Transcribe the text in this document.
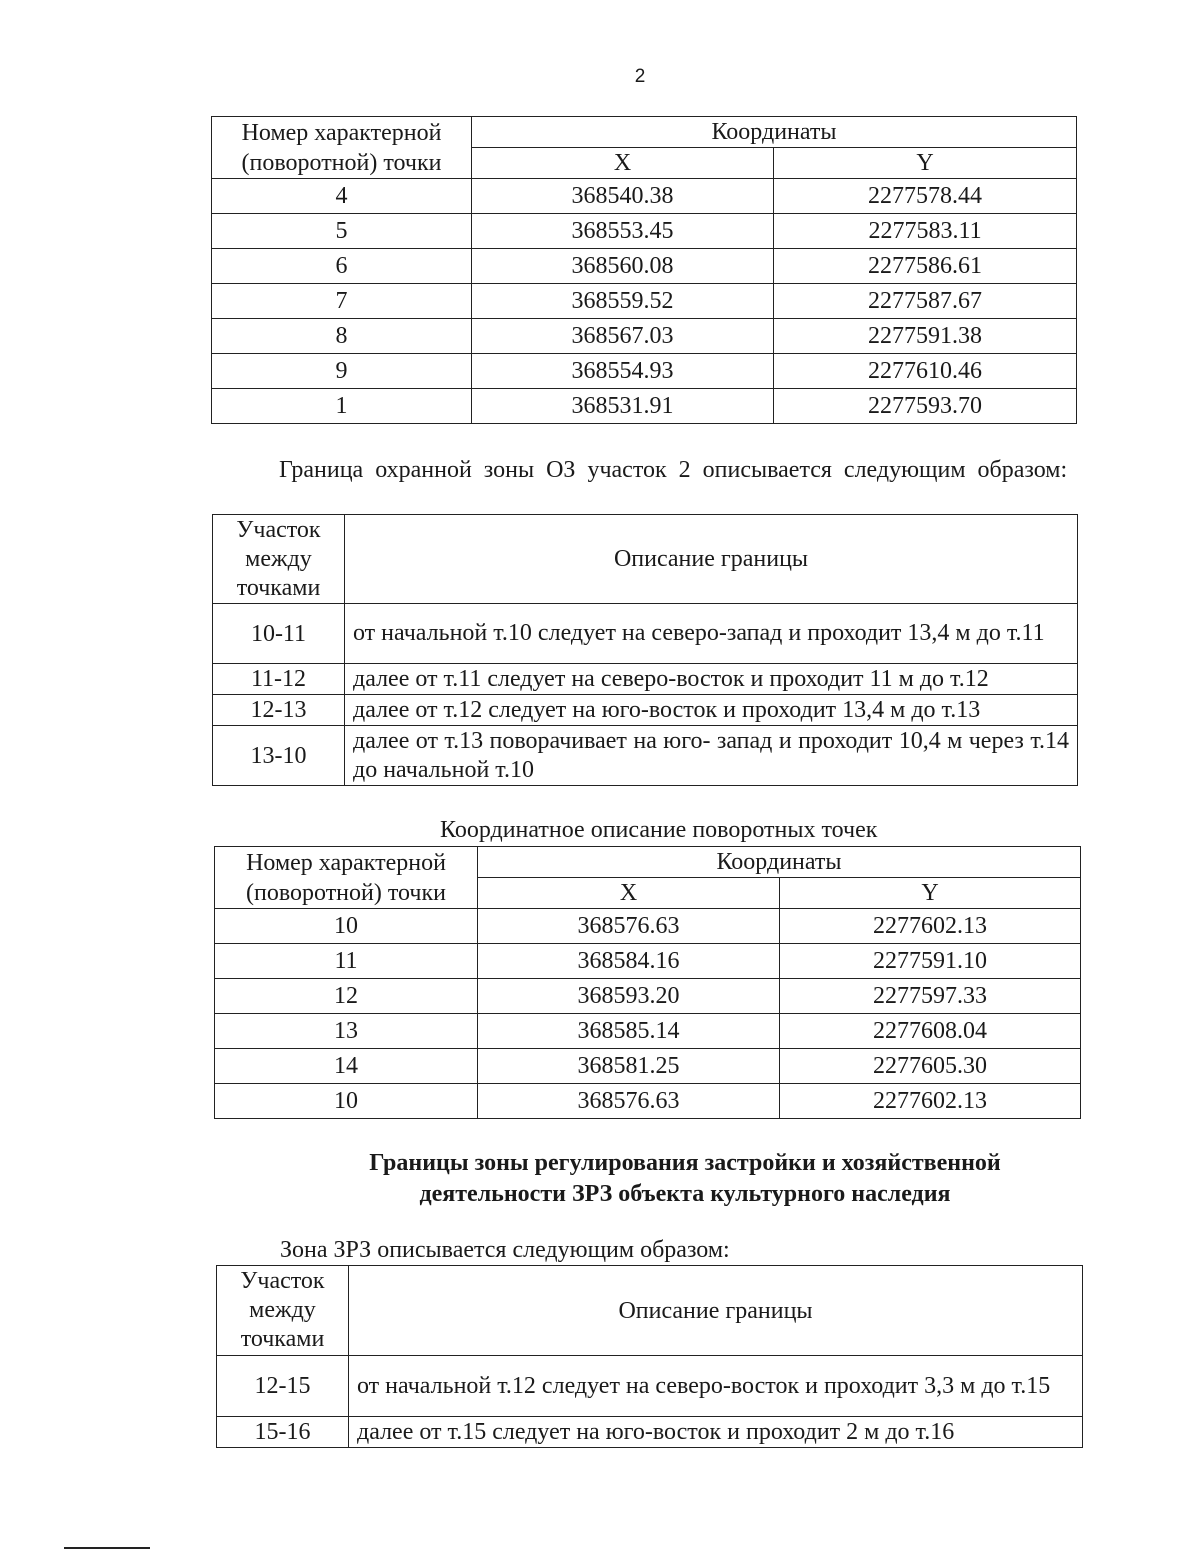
2
Номер характерной (поворотной) точки	Координаты	
	X	Y
4	368540.38	2277578.44
5	368553.45	2277583.11
6	368560.08	2277586.61
7	368559.52	2277587.67
8	368567.03	2277591.38
9	368554.93	2277610.46
1	368531.91	2277593.70
Граница охранной зоны ОЗ участок 2 описывается следующим образом:
Участок между точками	Описание границы
10-11	от начальной т.10 следует на северо-запад и проходит 13,4 м до т.11
11-12	далее от т.11 следует на северо-восток и проходит 11 м до т.12
12-13	далее от т.12 следует на юго-восток и проходит 13,4 м до т.13
13-10	далее от т.13 поворачивает на юго- запад и проходит 10,4 м через т.14 до начальной т.10
Координатное описание поворотных точек
Номер характерной (поворотной) точки	Координаты	
	X	Y
10	368576.63	2277602.13
11	368584.16	2277591.10
12	368593.20	2277597.33
13	368585.14	2277608.04
14	368581.25	2277605.30
10	368576.63	2277602.13
Границы зоны регулирования застройки и хозяйственной
деятельности ЗРЗ объекта культурного наследия
Зона ЗРЗ описывается следующим образом:
Участок между точками	Описание границы
12-15	от начальной т.12 следует на северо-восток и проходит 3,3 м до т.15
15-16	далее от т.15 следует на юго-восток и проходит 2 м до т.16
